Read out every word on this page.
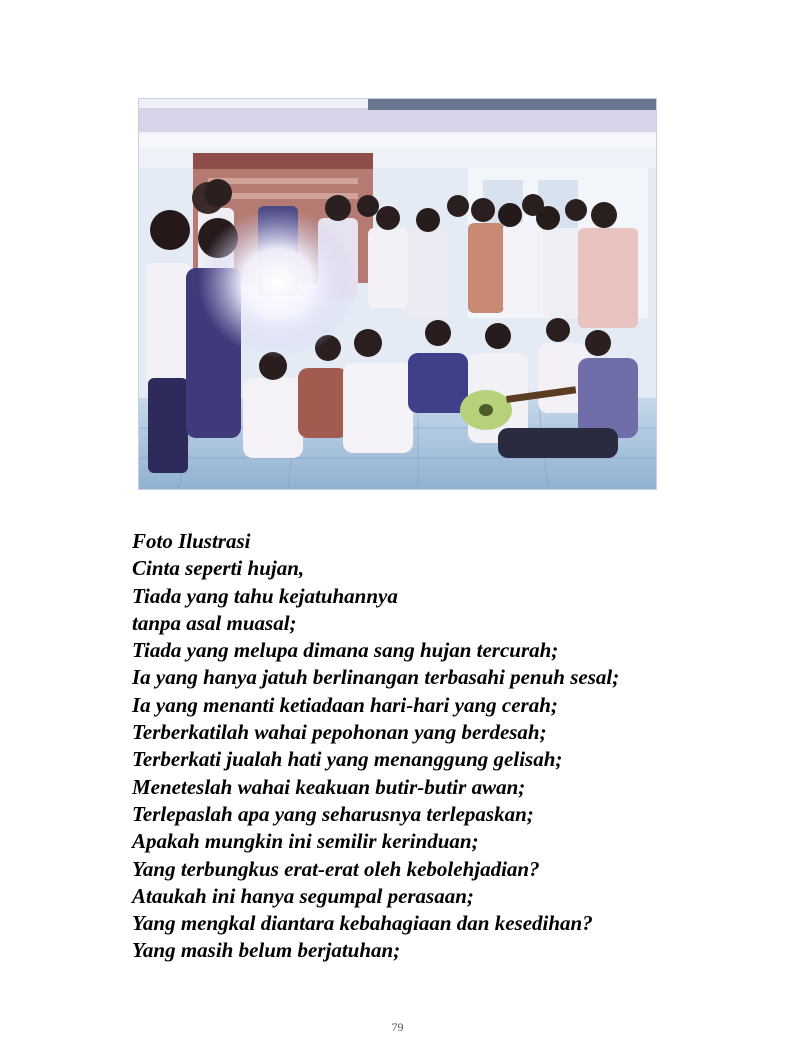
Foto Ilustrasi
Cinta seperti hujan,
Tiada yang tahu kejatuhannya
tanpa asal muasal;
Tiada yang melupa dimana sang hujan tercurah;
Ia yang hanya jatuh berlinangan terbasahi penuh sesal;
Ia yang menanti ketiadaan hari-hari yang cerah;
Terberkatilah wahai pepohonan yang berdesah;
Terberkati jualah hati yang menanggung gelisah;
Meneteslah wahai keakuan butir-butir awan;
Terlepaslah apa yang seharusnya terlepaskan;
Apakah mungkin ini semilir kerinduan;
Yang terbungkus erat-erat oleh kebolehjadian?
Ataukah ini hanya segumpal perasaan;
Yang mengkal diantara kebahagiaan dan kesedihan?
Yang masih belum berjatuhan;
79
